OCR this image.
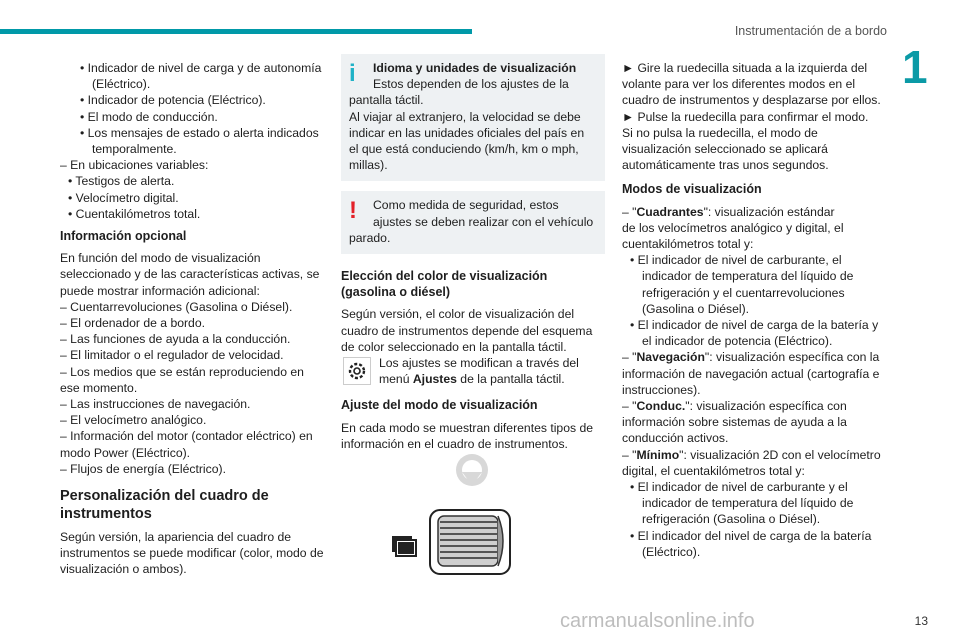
Instrumentación de a bordo
1
• Indicador de nivel de carga y de autonomía
(Eléctrico).
• Indicador de potencia (Eléctrico).
• El modo de conducción.
• Los mensajes de estado o alerta indicados
temporalmente.
– En ubicaciones variables:
• Testigos de alerta.
• Velocímetro digital.
• Cuentakilómetros total.
Información opcional
En función del modo de visualización
seleccionado y de las características activas, se
puede mostrar información adicional:
– Cuentarrevoluciones (Gasolina o Diésel).
– El ordenador de a bordo.
– Las funciones de ayuda a la conducción.
– El limitador o el regulador de velocidad.
– Los medios que se están reproduciendo en
ese momento.
– Las instrucciones de navegación.
– El velocímetro analógico.
– Información del motor (contador eléctrico) en
modo Power (Eléctrico).
– Flujos de energía (Eléctrico).
Personalización del cuadro de
instrumentos
Según versión, la apariencia del cuadro de
instrumentos se puede modificar (color, modo de
visualización o ambos).
i	Idioma y unidades de visualización
Estos dependen de los ajustes de la
pantalla táctil.
Al viajar al extranjero, la velocidad se debe
indicar en las unidades oficiales del país en
el que está conduciendo (km/h, km o mph,
millas).
!	Como medida de seguridad, estos
ajustes se deben realizar con el vehículo
parado.
Elección del color de visualización
(gasolina o diésel)
Según versión, el color de visualización del
cuadro de instrumentos depende del esquema
de color seleccionado en la pantalla táctil.
Los ajustes se modifican a través del
menú Ajustes de la pantalla táctil.
Ajuste del modo de visualización
En cada modo se muestran diferentes tipos de
información en el cuadro de instrumentos.
► Gire la ruedecilla situada a la izquierda del
volante para ver los diferentes modos en el
cuadro de instrumentos y desplazarse por ellos.
► Pulse la ruedecilla para confirmar el modo.
Si no pulsa la ruedecilla, el modo de
visualización seleccionado se aplicará
automáticamente tras unos segundos.
Modos de visualización
– "Cuadrantes": visualización estándar
de los velocímetros analógico y digital, el
cuentakilómetros total y:
• El indicador de nivel de carburante, el
indicador de temperatura del líquido de
refrigeración y el cuentarrevoluciones
(Gasolina o Diésel).
• El indicador de nivel de carga de la batería y
el indicador de potencia (Eléctrico).
– "Navegación": visualización específica con la
información de navegación actual (cartografía e
instrucciones).
– "Conduc.": visualización específica con
información sobre sistemas de ayuda a la
conducción activos.
– "Mínimo": visualización 2D con el velocímetro
digital, el cuentakilómetros total y:
• El indicador de nivel de carburante y el
indicador de temperatura del líquido de
refrigeración (Gasolina o Diésel).
• El indicador del nivel de carga de la batería
(Eléctrico).
carmanualsonline.info	13
